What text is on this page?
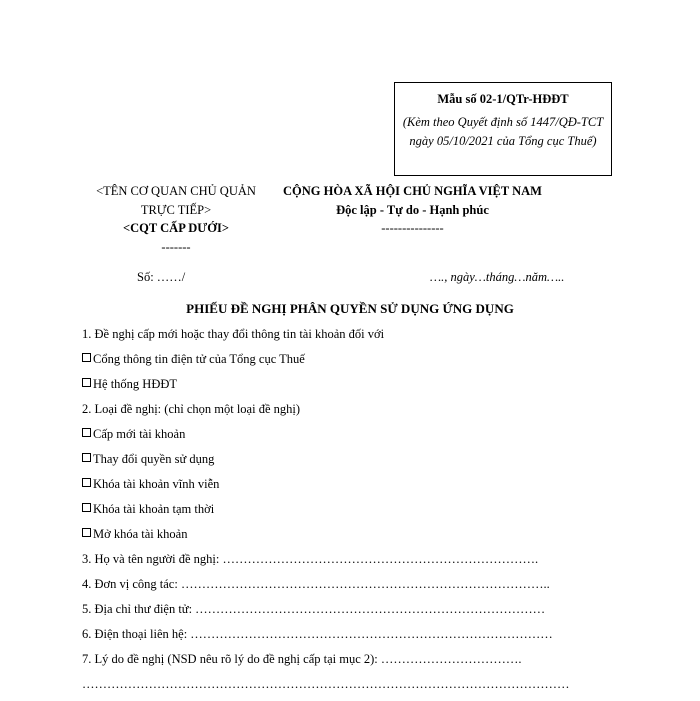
Mẫu số 02-1/QTr-HĐĐT
(Kèm theo Quyết định số 1447/QĐ-TCT ngày 05/10/2021 của Tổng cục Thuế)
<TÊN CƠ QUAN CHỦ QUẢN
TRỰC TIẾP>
<CQT CẤP DƯỚI>
-------
CỘNG HÒA XÃ HỘI CHỦ NGHĨA VIỆT NAM
Độc lập - Tự do - Hạnh phúc
---------------
Số: ……/	…., ngày…tháng…năm…..
PHIẾU ĐỀ NGHỊ PHÂN QUYỀN SỬ DỤNG ỨNG DỤNG
1. Đề nghị cấp mới hoặc thay đổi thông tin tài khoản đối với
Cổng thông tin điện tử của Tổng cục Thuế
Hệ thống HĐĐT
2. Loại đề nghị: (chỉ chọn một loại đề nghị)
Cấp mới tài khoản
Thay đổi quyền sử dụng
Khóa tài khoản vĩnh viễn
Khóa tài khoản tạm thời
Mở khóa tài khoản
3. Họ và tên người đề nghị: ………………………………………………………………….
4. Đơn vị công tác: ……………………………………………………………………………..
5. Địa chỉ thư điện tử: …………………………………………………………………………
6. Điện thoại liên hệ: ……………………………………………………………………………
7. Lý do đề nghị (NSD nêu rõ lý do đề nghị cấp tại mục 2): …………………………….
………………………………………………………………………………………………………
